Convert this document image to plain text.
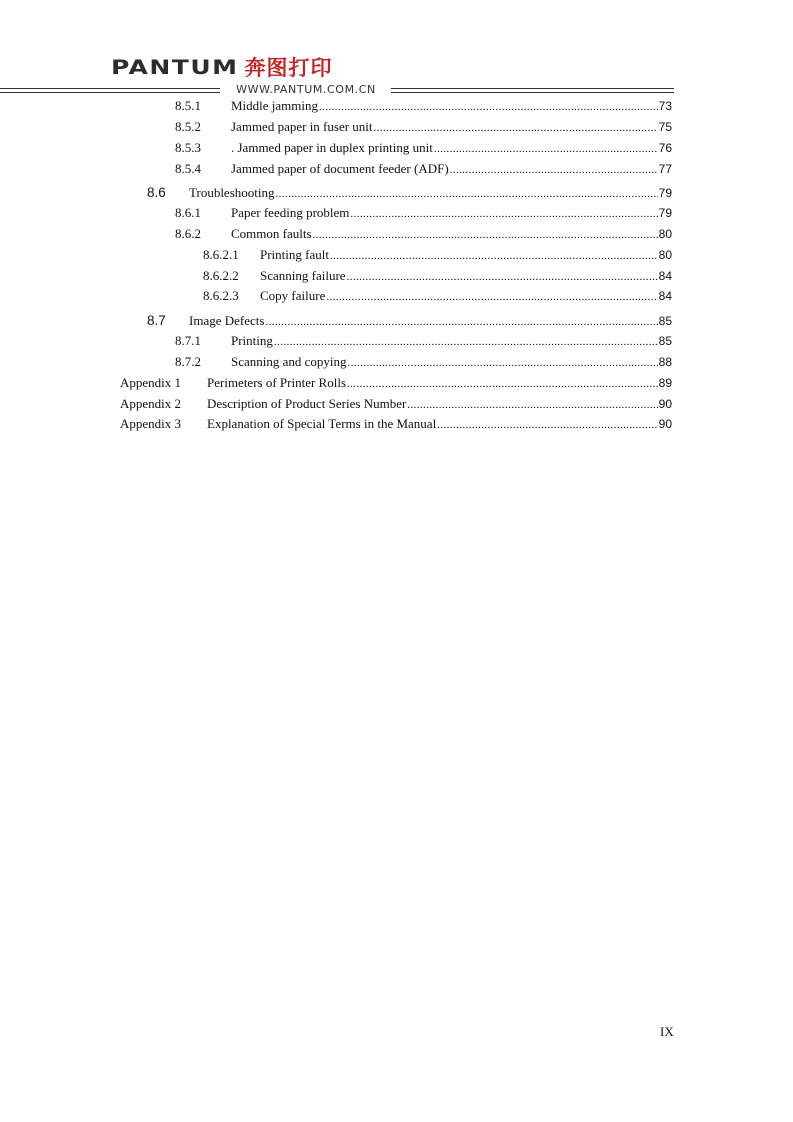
PANTUM 奔图打印
WWW.PANTUM.COM.CN
8.5.1 Middle jamming .....	73
8.5.2 Jammed paper in fuser unit .....	75
8.5.3 . Jammed paper in duplex printing unit .....	76
8.5.4 Jammed paper of document feeder (ADF) .....	77
8.6 Troubleshooting .....	79
8.6.1 Paper feeding problem .....	79
8.6.2 Common faults .....	80
8.6.2.1 Printing fault .....	80
8.6.2.2 Scanning failure .....	84
8.6.2.3 Copy failure .....	84
8.7 Image Defects .....	85
8.7.1 Printing .....	85
8.7.2 Scanning and copying .....	88
Appendix 1 Perimeters of Printer Rolls .....	89
Appendix 2 Description of Product Series Number .....	90
Appendix 3 Explanation of Special Terms in the Manual .....	90
IX
